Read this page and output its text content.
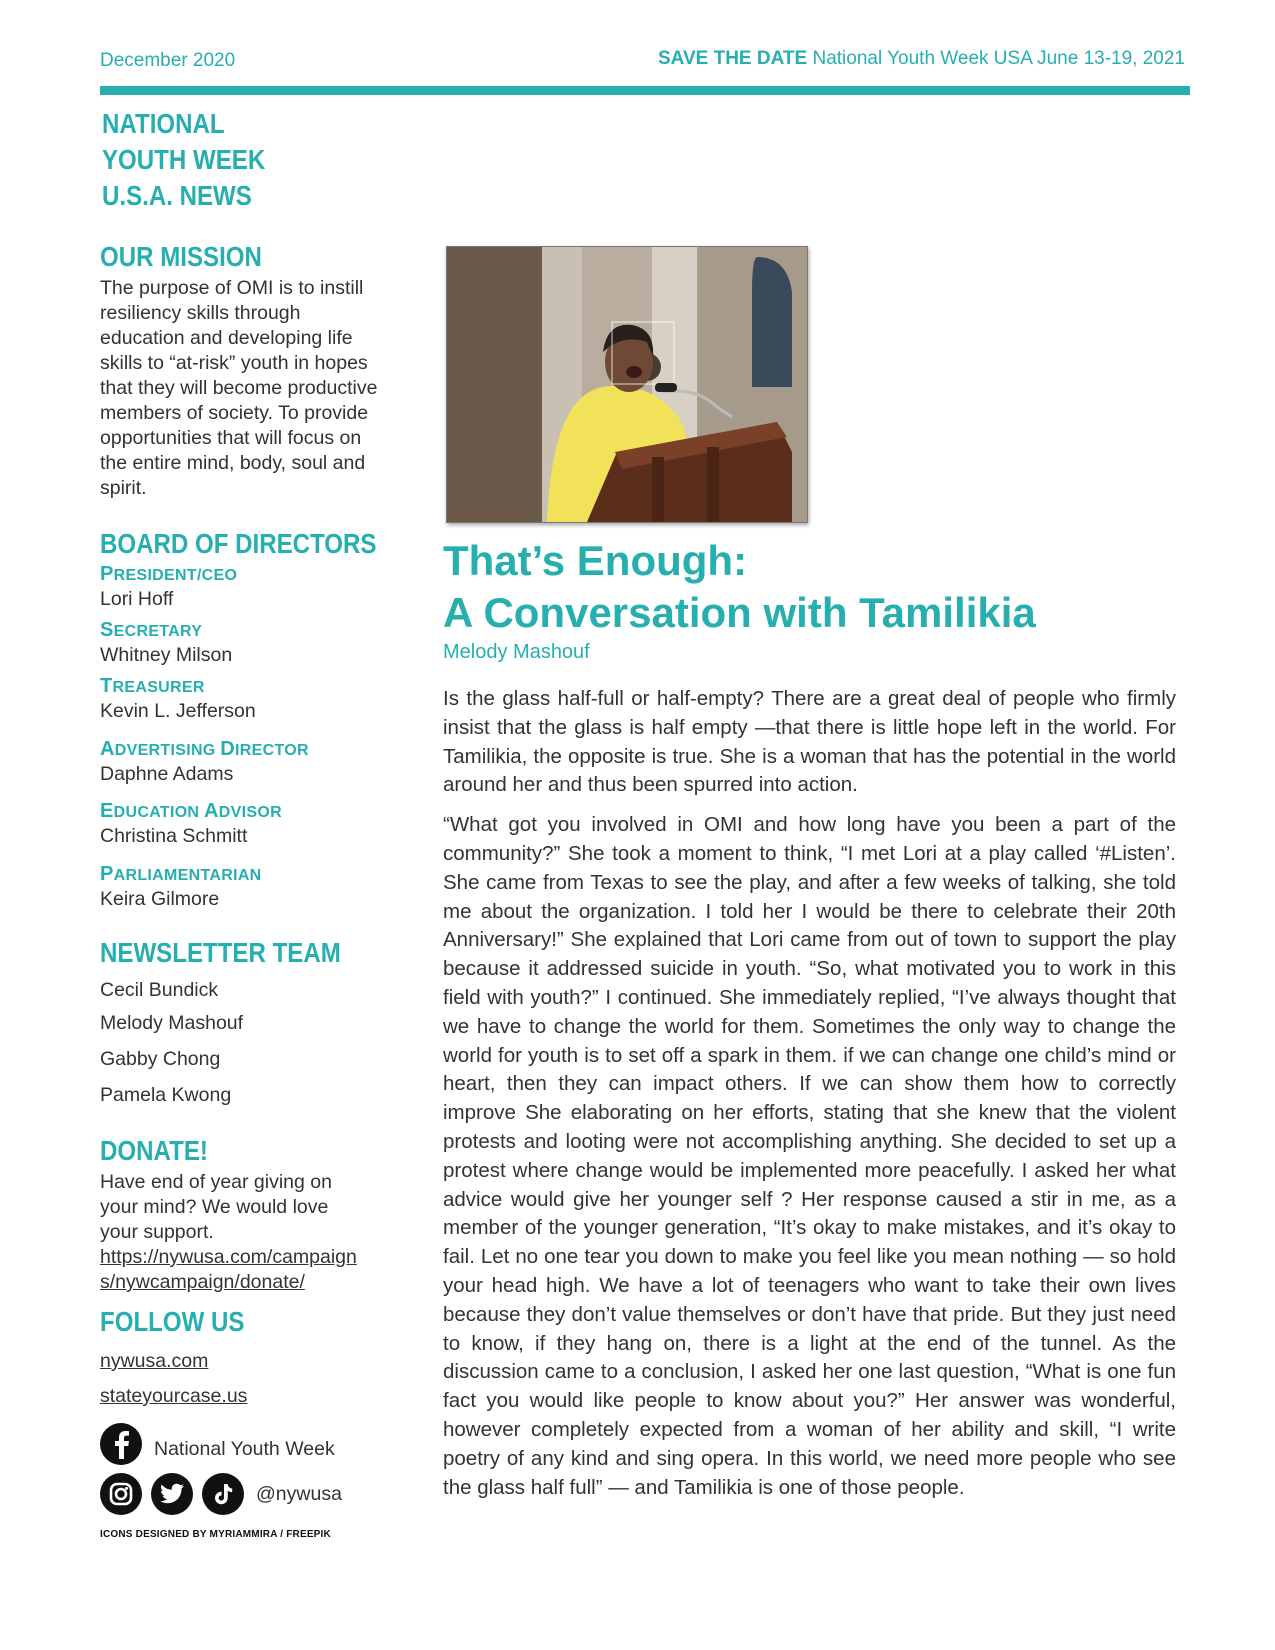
December 2020	SAVE THE DATE National Youth Week USA June 13-19, 2021
NATIONAL
YOUTH WEEK
U.S.A. NEWS
OUR MISSION
The purpose of OMI is to instill resiliency skills through education and developing life skills to “at-risk” youth in hopes that they will become productive members of society. To provide opportunities that will focus on the entire mind, body, soul and spirit.
BOARD OF DIRECTORS
PRESIDENT/CEO
Lori Hoff
SECRETARY
Whitney Milson
TREASURER
Kevin L. Jefferson
ADVERTISING DIRECTOR
Daphne Adams
EDUCATION ADVISOR
Christina Schmitt
PARLIAMENTARIAN
Keira Gilmore
NEWSLETTER TEAM
Cecil Bundick
Melody Mashouf
Gabby Chong
Pamela Kwong
DONATE!
Have end of year giving on your mind? We would love your support.
https://nywusa.com/campaigns/nywcampaign/donate/
FOLLOW US
nywusa.com
stateyourcase.us
National Youth Week
@nywusa
ICONS DESIGNED BY MYRIAMMIRA / FREEPIK
That’s Enough:
A Conversation with Tamilikia
Melody Mashouf

Is the glass half-full or half-empty? There are a great deal of people who firmly insist that the glass is half empty —that there is little hope left in the world. For Tamilikia, the opposite is true. She is a woman that has the potential in the world around her and thus been spurred into action.

“What got you involved in OMI and how long have you been a part of the community?” She took a moment to think, “I met Lori at a play called ‘#Listen’. She came from Texas to see the play, and after a few weeks of talking, she told me about the organization. I told her I would be there to celebrate their 20th Anniversary!” She explained that Lori came from out of town to support the play because it addressed suicide in youth. “So, what motivated you to work in this field with youth?” I continued. She immediately replied, “I’ve always thought that we have to change the world for them. Sometimes the only way to change the world for youth is to set off a spark in them. if we can change one child’s mind or heart, then they can impact others. If we can show them how to correctly improve She elaborating on her efforts, stating that she knew that the violent protests and looting were not accomplishing anything. She decided to set up a protest where change would be implemented more peacefully. I asked her what advice would give her younger self ? Her response caused a stir in me, as a member of the younger generation, “It’s okay to make mistakes, and it’s okay to fail. Let no one tear you down to make you feel like you mean nothing — so hold your head high. We have a lot of teenagers who want to take their own lives because they don’t value themselves or don’t have that pride. But they just need to know, if they hang on, there is a light at the end of the tunnel. As the discussion came to a conclusion, I asked her one last question, “What is one fun fact you would like people to know about you?” Her answer was wonderful, however completely expected from a woman of her ability and skill, “I write poetry of any kind and sing opera. In this world, we need more people who see the glass half full” — and Tamilikia is one of those people.
